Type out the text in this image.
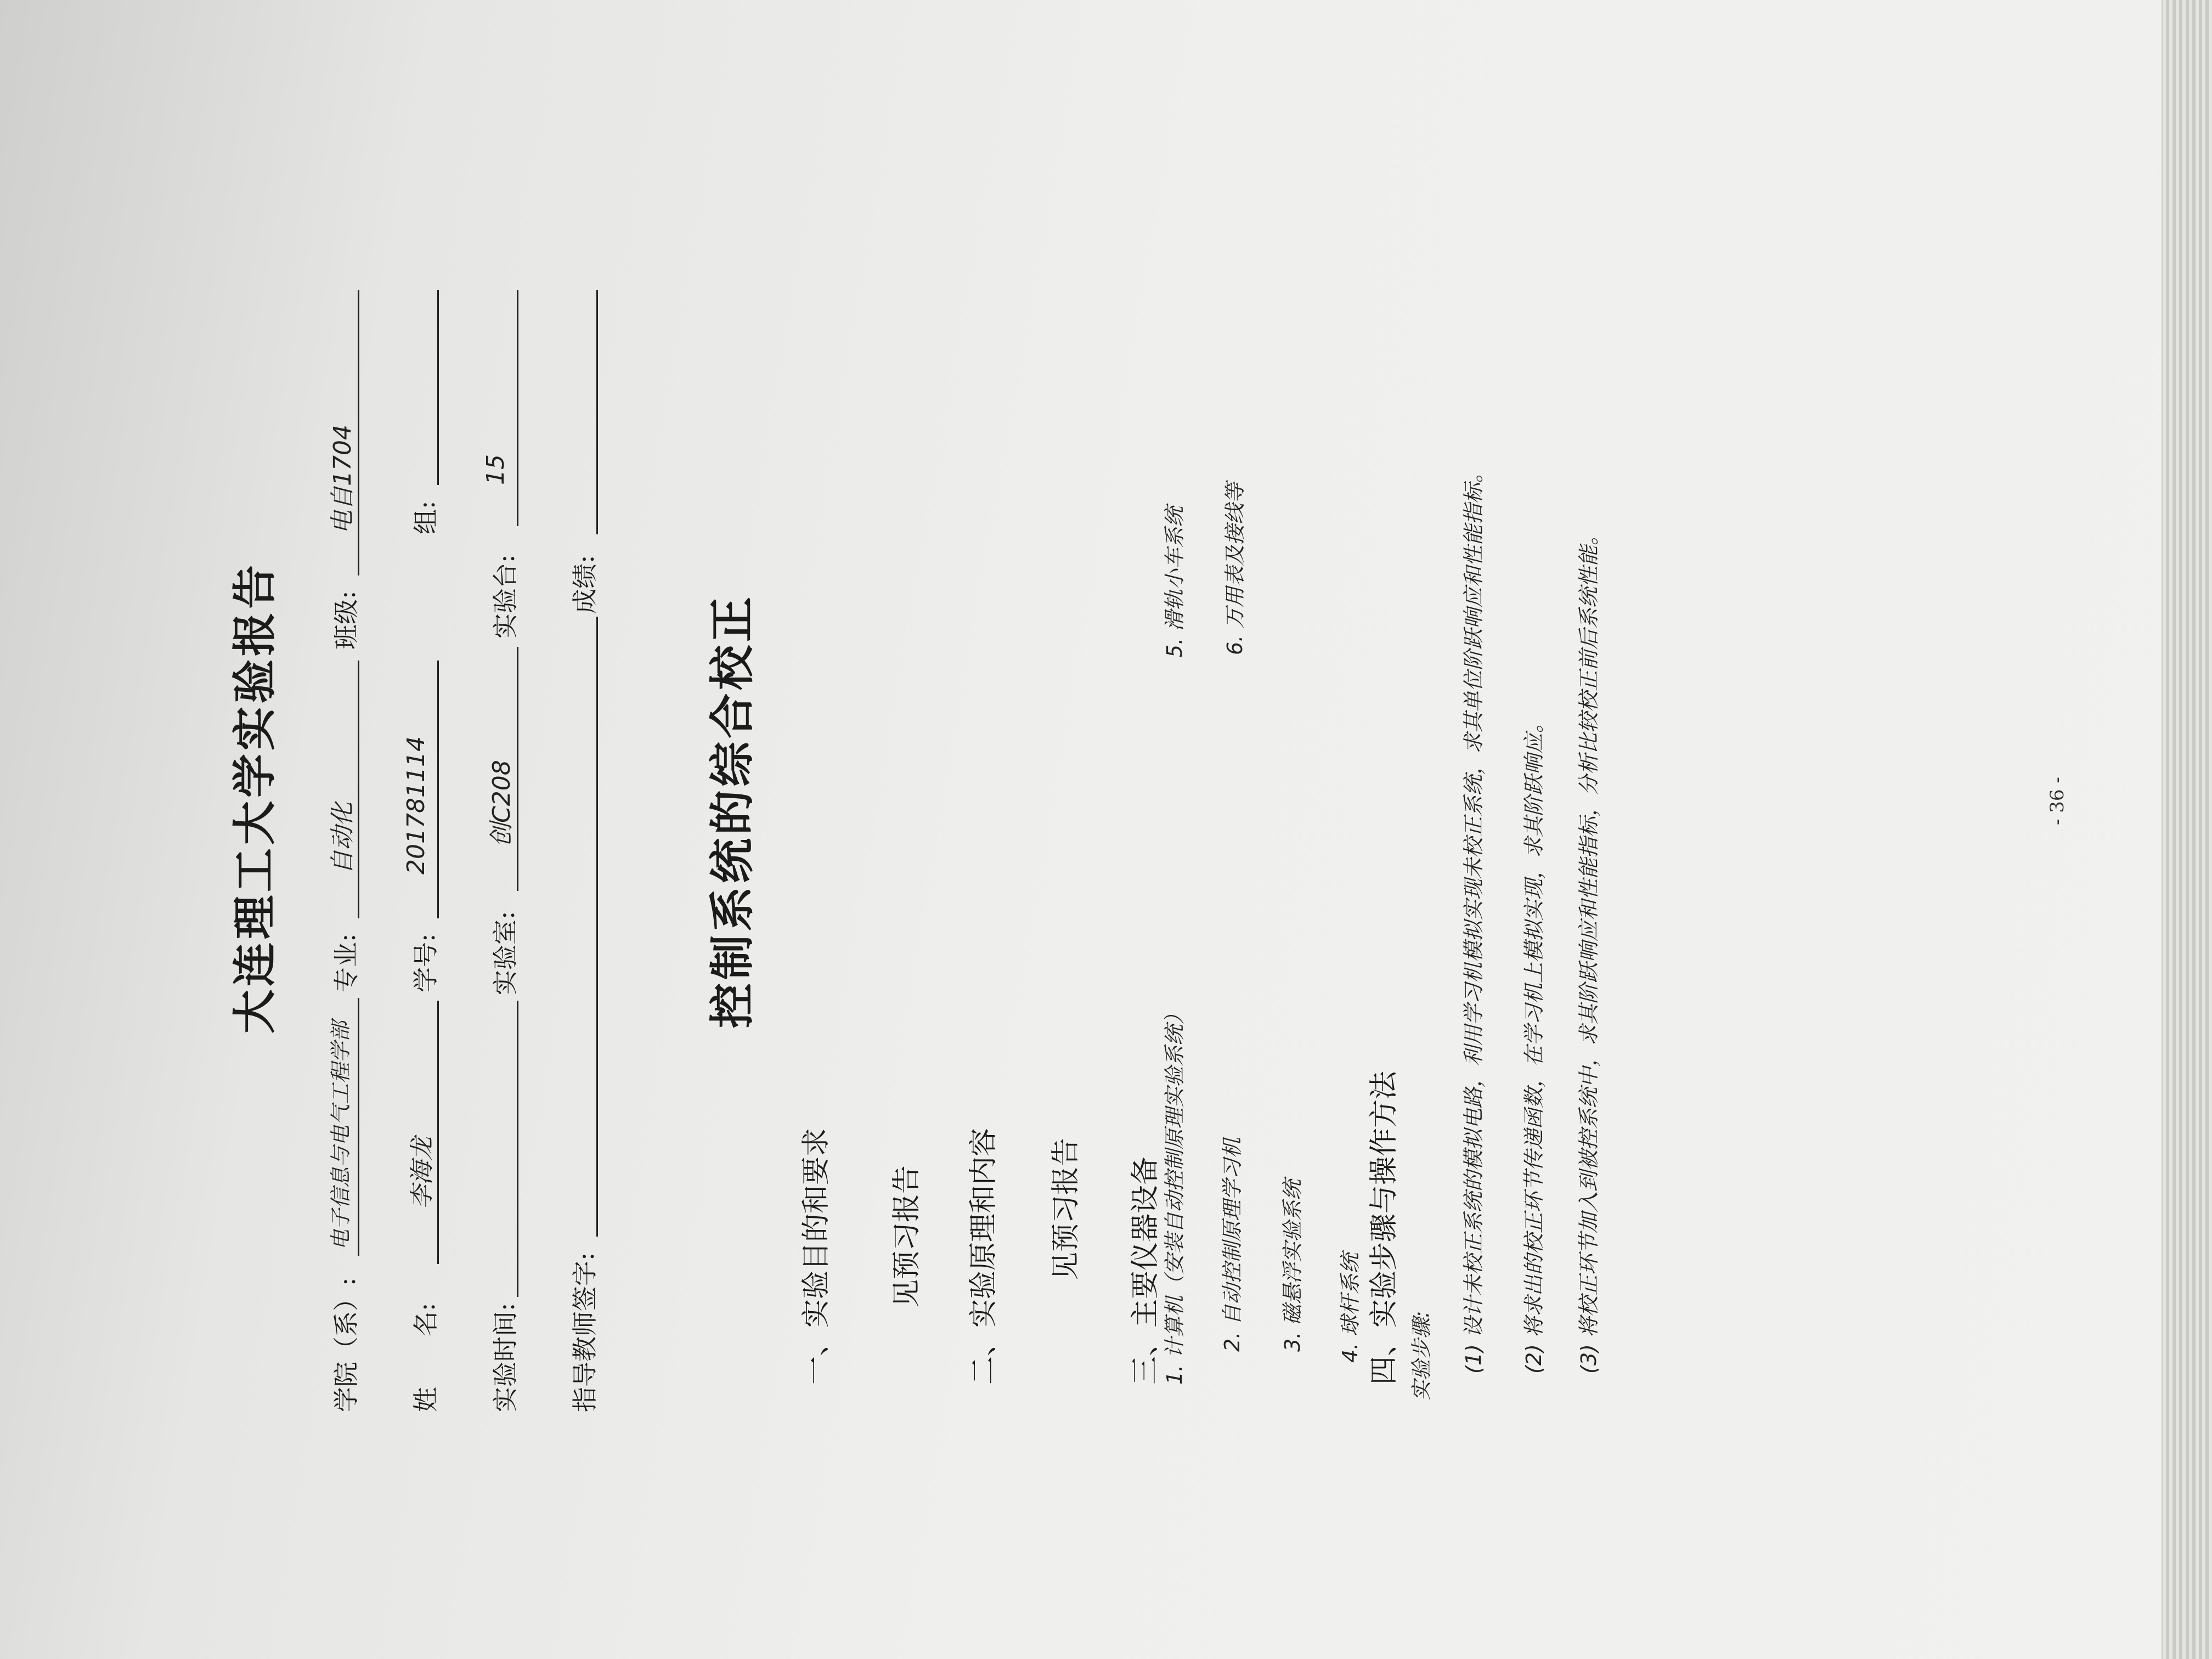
大连理工大学实验报告
学院（系）:
电子信息与电气工程学部
专业:
自动化
班级:
电自1704
姓　　名:
李海龙
学号:
201781114
组:
实验时间:
实验室:
创C208
实验台:
15
指导教师签字:
成绩:
控制系统的综合校正
一、实验目的和要求 见预习报告 二、实验原理和内容 见预习报告 三、主要仪器设备 1. 计算机（安装自动控制原理实验系统） 2. 自动控制原理学习机 3. 磁悬浮实验系统 4. 球杆系统
5. 滑轨小车系统 6. 万用表及接线等
四、实验步骤与操作方法 实验步骤: (1) 设计未校正系统的模拟电路，利用学习机模拟实现未校正系统，求其单位阶跃响应和性能指标。 (2) 将求出的校正环节传递函数，在学习机上模拟实现，求其阶跃响应。 (3) 将校正环节加入到被控系统中，求其阶跃响应和性能指标，分析比较校正前后系统性能。	- 36 -
